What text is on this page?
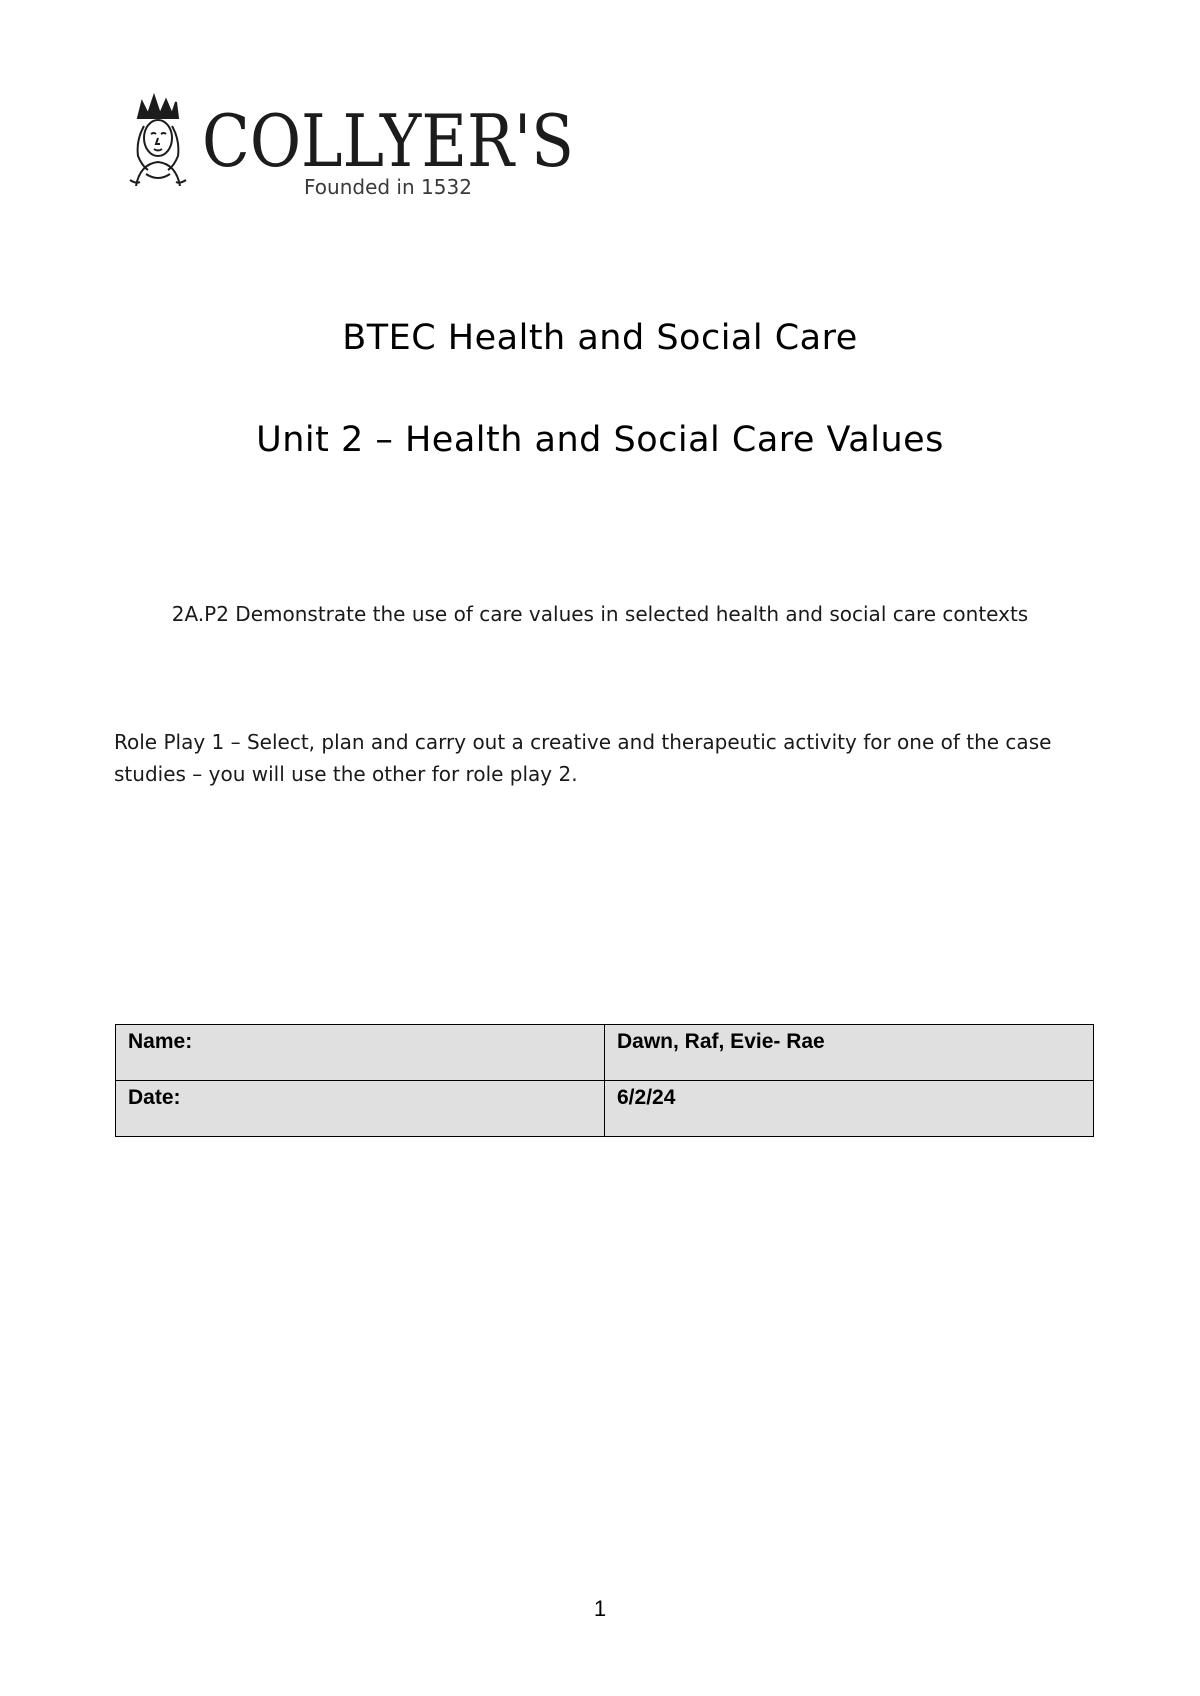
COLLYER'S
Founded in 1532
BTEC Health and Social Care
Unit 2 – Health and Social Care Values
2A.P2 Demonstrate the use of care values in selected health and social care contexts
Role Play 1 – Select, plan and carry out a creative and therapeutic activity for one of the case studies – you will use the other for role play 2.
Name:	Dawn, Raf, Evie- Rae
Date:	6/2/24
1
